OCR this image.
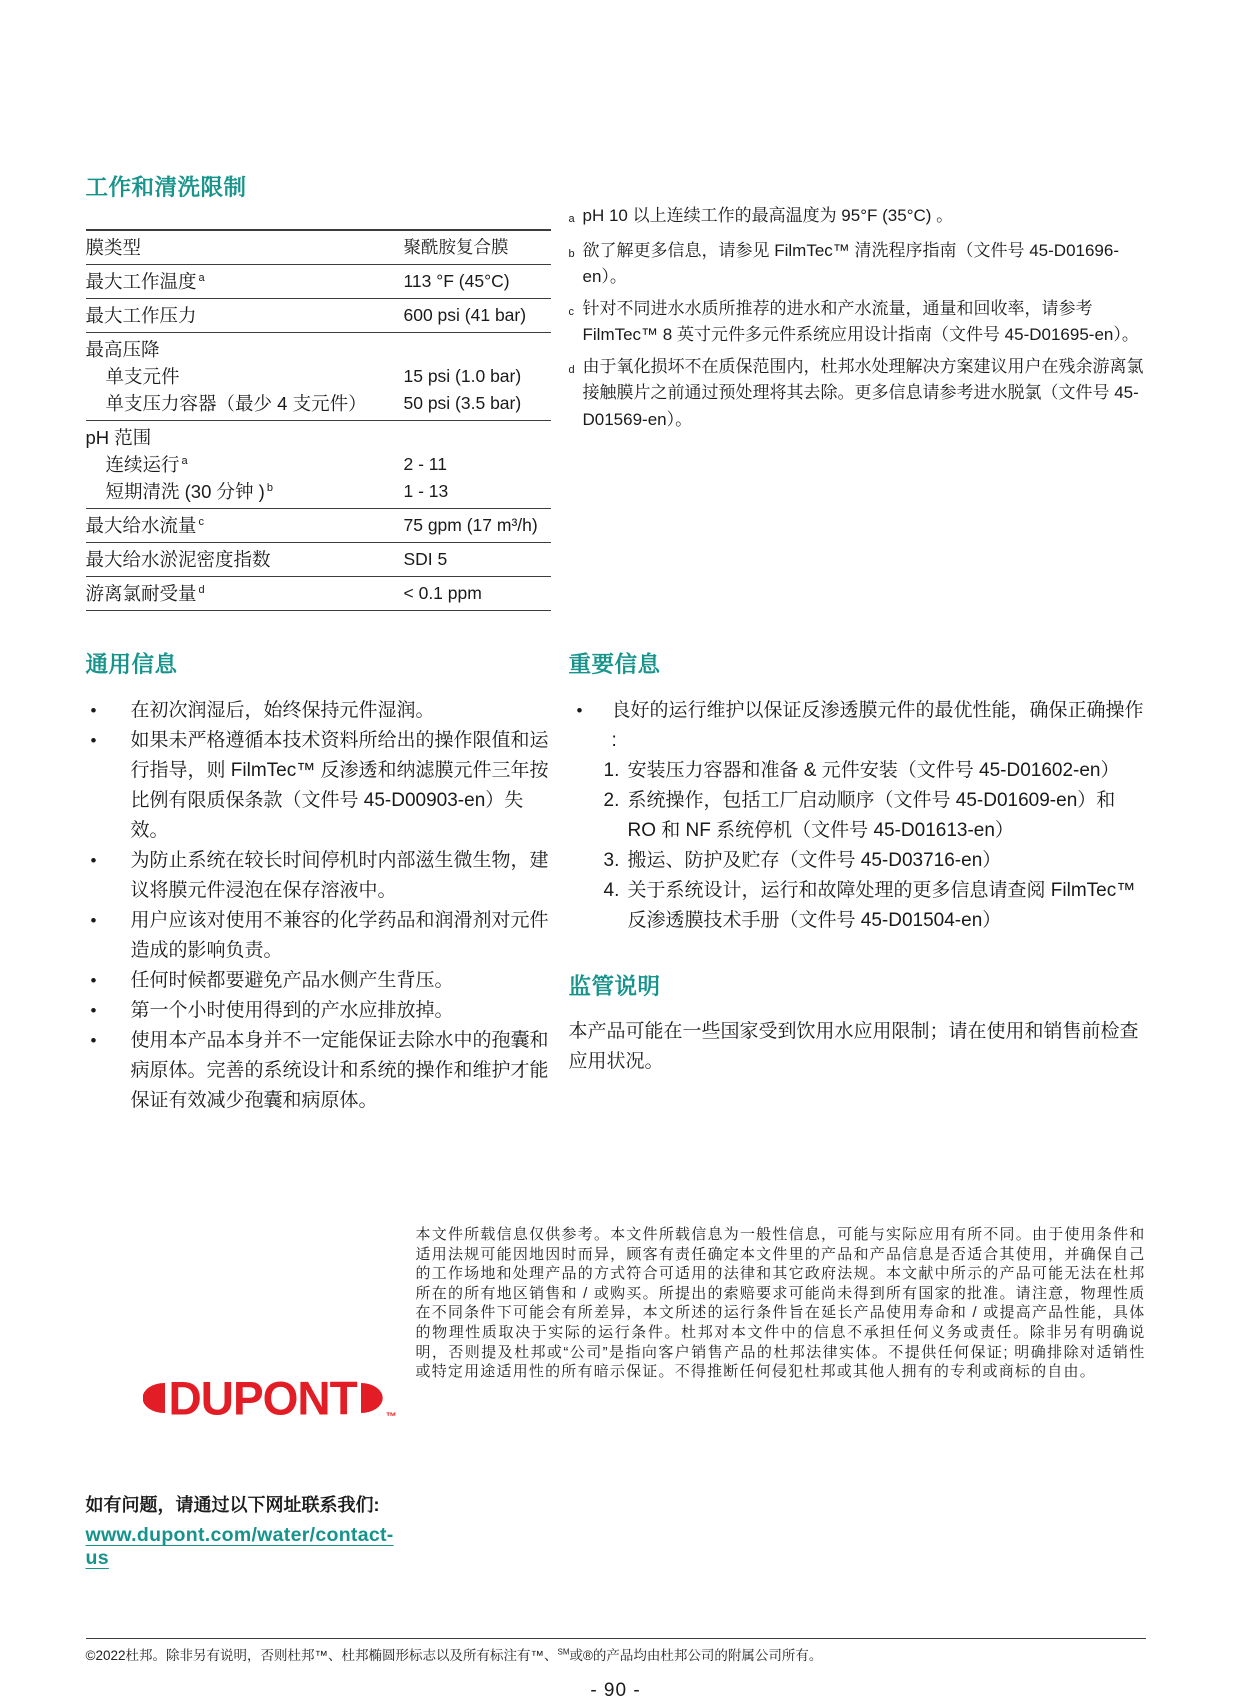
工作和清洗限制
膜类型	聚酰胺复合膜
最大工作温度 $^a$	113 °F (45°C)
最大工作压力	600 psi (41 bar)
最高压降
单支元件	15 psi (1.0 bar)
单支压力容器（最少 4 支元件）	50 psi (3.5 bar)
pH 范围
连续运行 $^a$	2 - 11
短期清洗 (30 分钟 ) $^b$	1 - 13
最大给水流量 $^c$	75 gpm (17 m³/h)
最大给水淤泥密度指数	SDI 5
游离氯耐受量 $^d$	< 0.1 ppm
a pH 10 以上连续工作的最高温度为 95°F (35°C) 。
b 欲了解更多信息，请参见 FilmTec™ 清洗程序指南（文件号 45-D01696-en）。
c 针对不同进水水质所推荐的进水和产水流量，通量和回收率，请参考 FilmTec™ 8 英寸元件多元件系统应用设计指南（文件号 45-D01695-en）。
d 由于氧化损坏不在质保范围内，杜邦水处理解决方案建议用户在残余游离氯接触膜片之前通过预处理将其去除。更多信息请参考进水脱氯（文件号 45-D01569-en）。
通用信息
• 在初次润湿后，始终保持元件湿润。
• 如果未严格遵循本技术资料所给出的操作限值和运行指导，则 FilmTec™ 反渗透和纳滤膜元件三年按比例有限质保条款（文件号 45-D00903-en）失效。
• 为防止系统在较长时间停机时内部滋生微生物，建议将膜元件浸泡在保存溶液中。
• 用户应该对使用不兼容的化学药品和润滑剂对元件造成的影响负责。
• 任何时候都要避免产品水侧产生背压。
• 第一个小时使用得到的产水应排放掉。
• 使用本产品本身并不一定能保证去除水中的孢囊和病原体。完善的系统设计和系统的操作和维护才能保证有效减少孢囊和病原体。
重要信息
• 良好的运行维护以保证反渗透膜元件的最优性能，确保正确操作 :
1. 安装压力容器和准备 & 元件安装（文件号 45-D01602-en）
2. 系统操作，包括工厂启动顺序（文件号 45-D01609-en）和 RO 和 NF 系统停机（文件号 45-D01613-en）
3. 搬运、防护及贮存（文件号 45-D03716-en）
4. 关于系统设计，运行和故障处理的更多信息请查阅 FilmTec™ 反渗透膜技术手册（文件号 45-D01504-en）
监管说明
本产品可能在一些国家受到饮用水应用限制；请在使用和销售前检查应用状况。
DUPONT	™
如有问题，请通过以下网址联系我们:
www.dupont.com/water/contact-us
本文件所载信息仅供参考。本文件所载信息为一般性信息，可能与实际应用有所不同。由于使用条件和适用法规可能因地因时而异，顾客有责任确定本文件里的产品和产品信息是否适合其使用，并确保自己的工作场地和处理产品的方式符合可适用的法律和其它政府法规。本文献中所示的产品可能无法在杜邦所在的所有地区销售和 / 或购买。所提出的索赔要求可能尚未得到所有国家的批准。请注意，物理性质在不同条件下可能会有所差异，本文所述的运行条件旨在延长产品使用寿命和 / 或提高产品性能，具体的物理性质取决于实际的运行条件。杜邦对本文件中的信息不承担任何义务或责任。除非另有明确说明，否则提及杜邦或“公司”是指向客户销售产品的杜邦法律实体。不提供任何保证; 明确排除对适销性或特定用途适用性的所有暗示保证。不得推断任何侵犯杜邦或其他人拥有的专利或商标的自由。
©2022杜邦。除非另有说明，否则杜邦™、杜邦椭圆形标志以及所有标注有™、℠或®的产品均由杜邦公司的附属公司所有。
- 90 -
